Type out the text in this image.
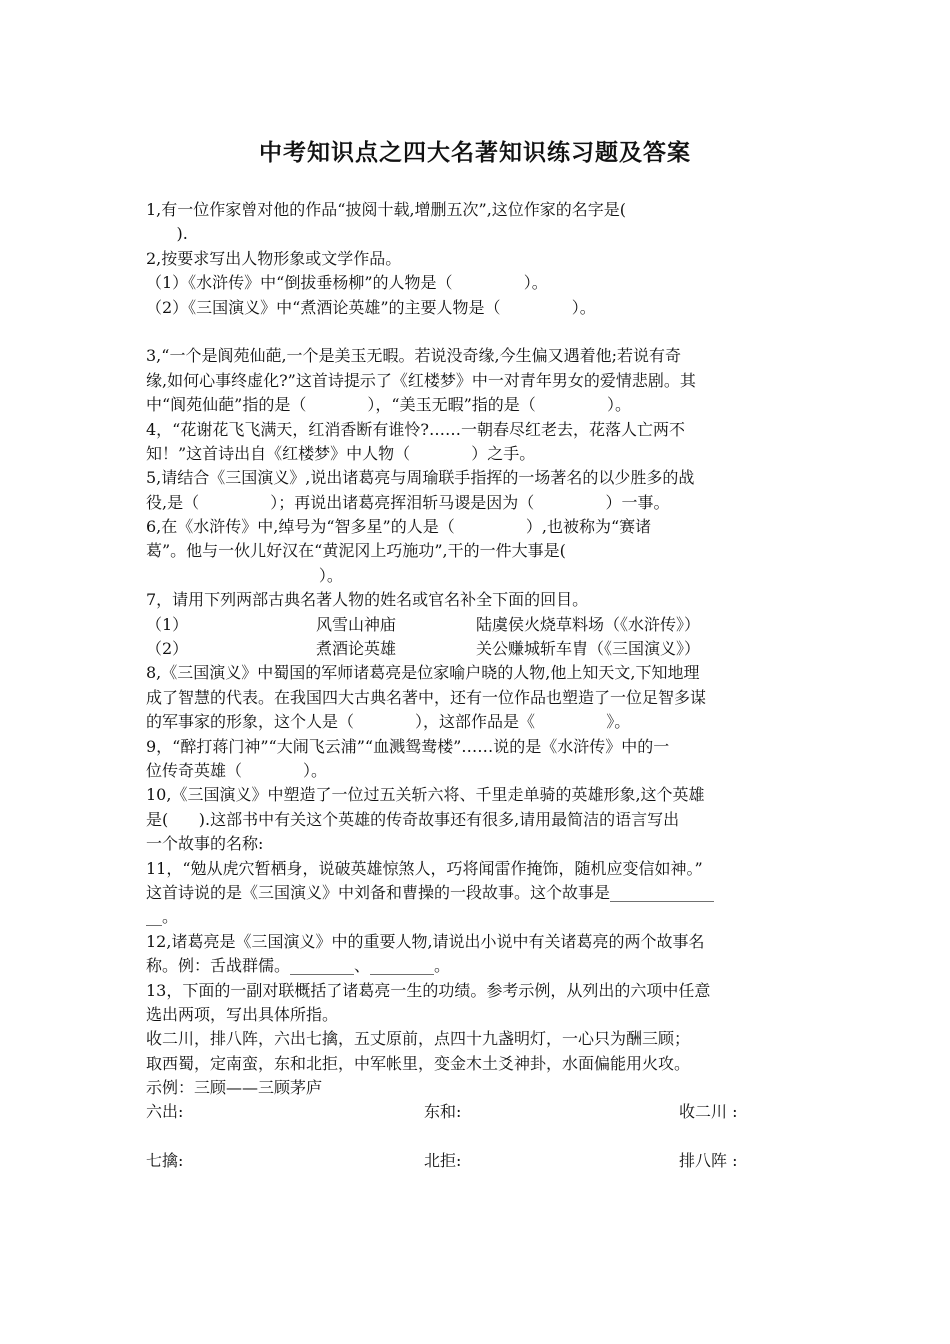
中考知识点之四大名著知识练习题及答案
1,有一位作家曾对他的作品“披阅十载,增删五次”,这位作家的名字是(
).
2,按要求写出人物形象或文学作品。
（1）《水浒传》中“倒拔垂杨柳”的人物是（              ）。
（2）《三国演义》中“煮酒论英雄”的主要人物是（              ）。
3,“一个是阆苑仙葩,一个是美玉无暇。若说没奇缘,今生偏又遇着他;若说有奇
缘,如何心事终虚化?”这首诗提示了《红楼梦》中一对青年男女的爱情悲剧。其
中“阆苑仙葩”指的是（            ），“美玉无暇”指的是（              ）。
4，“花谢花飞飞满天，红消香断有谁怜?……一朝春尽红老去，花落人亡两不
知！”这首诗出自《红楼梦》中人物（            ）之手。
5,请结合《三国演义》,说出诸葛亮与周瑜联手指挥的一场著名的以少胜多的战
役,是（              ）；再说出诸葛亮挥泪斩马谡是因为（              ）一事。
6,在《水浒传》中,绰号为“智多星”的人是（              ）,也被称为“赛诸
葛”。他与一伙儿好汉在“黄泥冈上巧施功”,干的一件大事是(
）。
7，请用下列两部古典名著人物的姓名或官名补全下面的回目。
（1）	风雪山神庙	陆虞侯火烧草料场（《水浒传》）
（2）	煮酒论英雄	关公赚城斩车胄（《三国演义》）
8,《三国演义》中蜀国的军师诸葛亮是位家喻户晓的人物,他上知天文,下知地理
成了智慧的代表。在我国四大古典名著中，还有一位作品也塑造了一位足智多谋
的军事家的形象，这个人是（            ），这部作品是《              》。
9，“醉打蒋门神”“大闹飞云浦”“血溅鸳鸯楼”……说的是《水浒传》中的一
位传奇英雄（            ）。
10,《三国演义》中塑造了一位过五关斩六将、千里走单骑的英雄形象,这个英雄
是(      ).这部书中有关这个英雄的传奇故事还有很多,请用最简洁的语言写出
一个故事的名称:
11，“勉从虎穴暂栖身，说破英雄惊煞人，巧将闻雷作掩饰，随机应变信如神。”
这首诗说的是《三国演义》中刘备和曹操的一段故事。这个故事是_____________
__。
12,诸葛亮是《三国演义》中的重要人物,请说出小说中有关诸葛亮的两个故事名
称。例：舌战群儒。________、________。
13，下面的一副对联概括了诸葛亮一生的功绩。参考示例，从列出的六项中任意
选出两项，写出具体所指。
收二川，排八阵，六出七擒，五丈原前，点四十九盏明灯，一心只为酬三顾；
取西蜀，定南蛮，东和北拒，中军帐里，变金木土爻神卦，水面偏能用火攻。
示例：三顾——三顾茅庐
六出:	东和:	收二川 :
七擒:	北拒:	排八阵 :
